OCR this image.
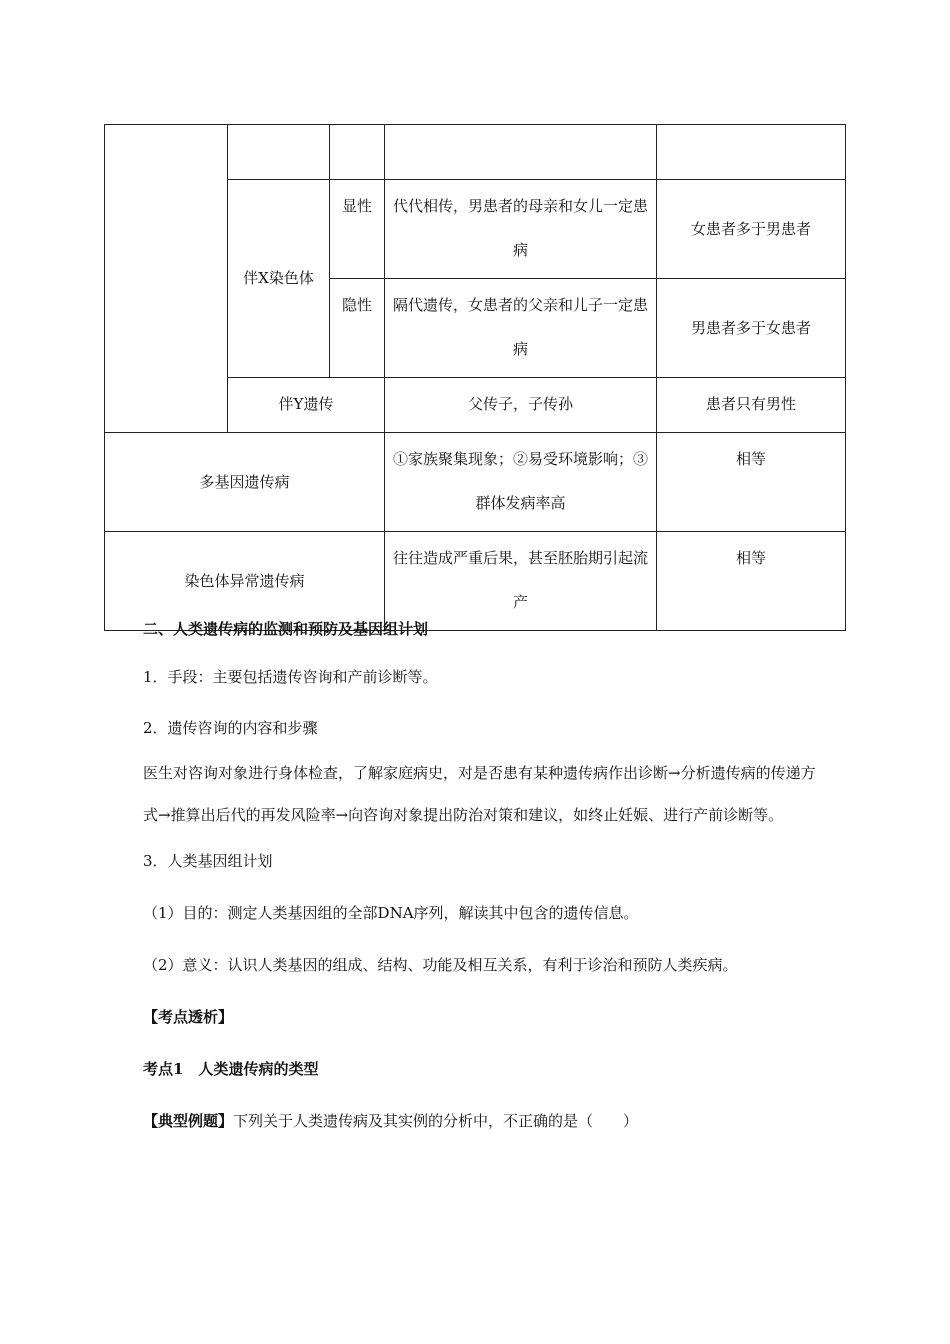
	伴X染色体	显性	代代相传，男患者的母亲和女儿一定患病	女患者多于男患者
		隐性	隔代遗传，女患者的父亲和儿子一定患病	男患者多于女患者
	伴Y遗传		父传子，子传孙	患者只有男性
多基因遗传病			①家族聚集现象；②易受环境影响；③群体发病率高	相等
染色体异常遗传病			往往造成严重后果，甚至胚胎期引起流产	相等

二、人类遗传病的监测和预防及基因组计划

1．手段：主要包括遗传咨询和产前诊断等。

2．遗传咨询的内容和步骤

医生对咨询对象进行身体检查，了解家庭病史，对是否患有某种遗传病作出诊断→分析遗传病的传递方式→推算出后代的再发风险率→向咨询对象提出防治对策和建议，如终止妊娠、进行产前诊断等。

3．人类基因组计划

（1）目的：测定人类基因组的全部DNA序列，解读其中包含的遗传信息。

（2）意义：认识人类基因的组成、结构、功能及相互关系，有利于诊治和预防人类疾病。

【考点透析】

考点1　人类遗传病的类型

【典型例题】下列关于人类遗传病及其实例的分析中，不正确的是（　　）
